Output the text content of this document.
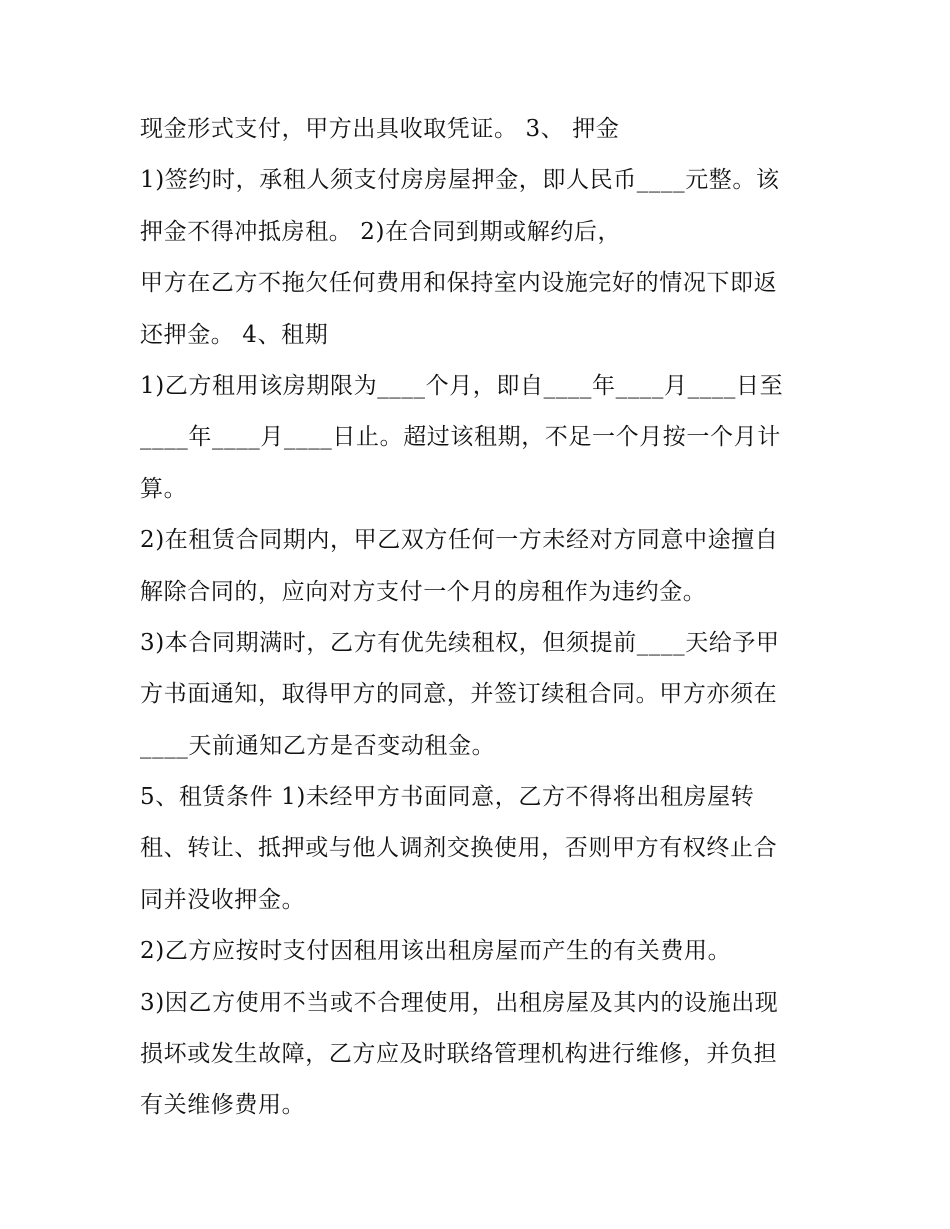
现金形式支付，甲方出具收取凭证。 3、 押金
1)签约时，承租人须支付房房屋押金，即人民币____元整。该
押金不得冲抵房租。 2)在合同到期或解约后，
甲方在乙方不拖欠任何费用和保持室内设施完好的情况下即返
还押金。 4、租期
1)乙方租用该房期限为____个月，即自____年____月____日至
____年____月____日止。超过该租期，不足一个月按一个月计
算。
2)在租赁合同期内，甲乙双方任何一方未经对方同意中途擅自
解除合同的，应向对方支付一个月的房租作为违约金。
3)本合同期满时，乙方有优先续租权，但须提前____天给予甲
方书面通知，取得甲方的同意，并签订续租合同。甲方亦须在
____天前通知乙方是否变动租金。
5、租赁条件 1)未经甲方书面同意，乙方不得将出租房屋转
租、转让、抵押或与他人调剂交换使用，否则甲方有权终止合
同并没收押金。
2)乙方应按时支付因租用该出租房屋而产生的有关费用。
3)因乙方使用不当或不合理使用，出租房屋及其内的设施出现
损坏或发生故障，乙方应及时联络管理机构进行维修，并负担
有关维修费用。
